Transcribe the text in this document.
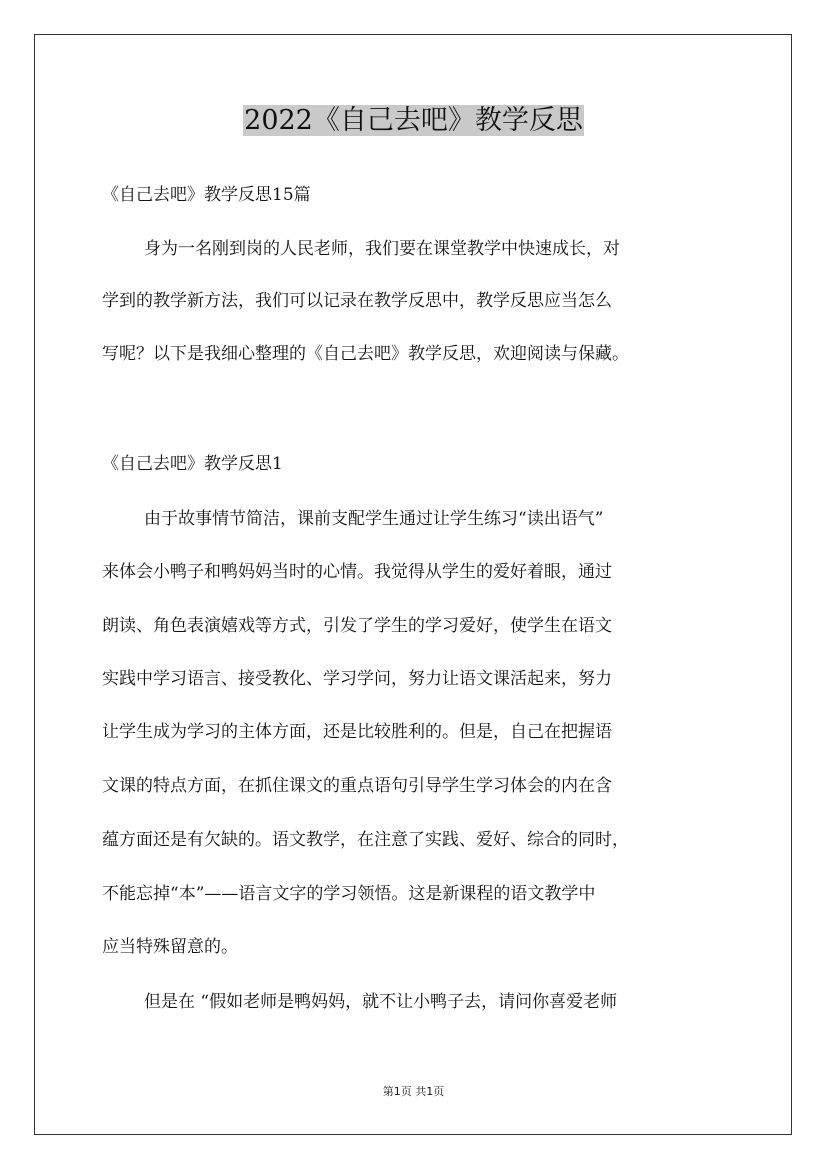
2022《自己去吧》教学反思
《自己去吧》教学反思15篇
身为一名刚到岗的人民老师，我们要在课堂教学中快速成长，对
学到的教学新方法，我们可以记录在教学反思中，教学反思应当怎么
写呢？以下是我细心整理的《自己去吧》教学反思，欢迎阅读与保藏。
《自己去吧》教学反思1
由于故事情节简洁，课前支配学生通过让学生练习“读出语气”
来体会小鸭子和鸭妈妈当时的心情。我觉得从学生的爱好着眼，通过
朗读、角色表演嬉戏等方式，引发了学生的学习爱好，使学生在语文
实践中学习语言、接受教化、学习学问，努力让语文课活起来，努力
让学生成为学习的主体方面，还是比较胜利的。但是，自己在把握语
文课的特点方面，在抓住课文的重点语句引导学生学习体会的内在含
蕴方面还是有欠缺的。语文教学，在注意了实践、爱好、综合的同时，
不能忘掉“本”——语言文字的学习领悟。这是新课程的语文教学中
应当特殊留意的。
但是在 “假如老师是鸭妈妈，就不让小鸭子去，请问你喜爱老师
第1页 共1页
